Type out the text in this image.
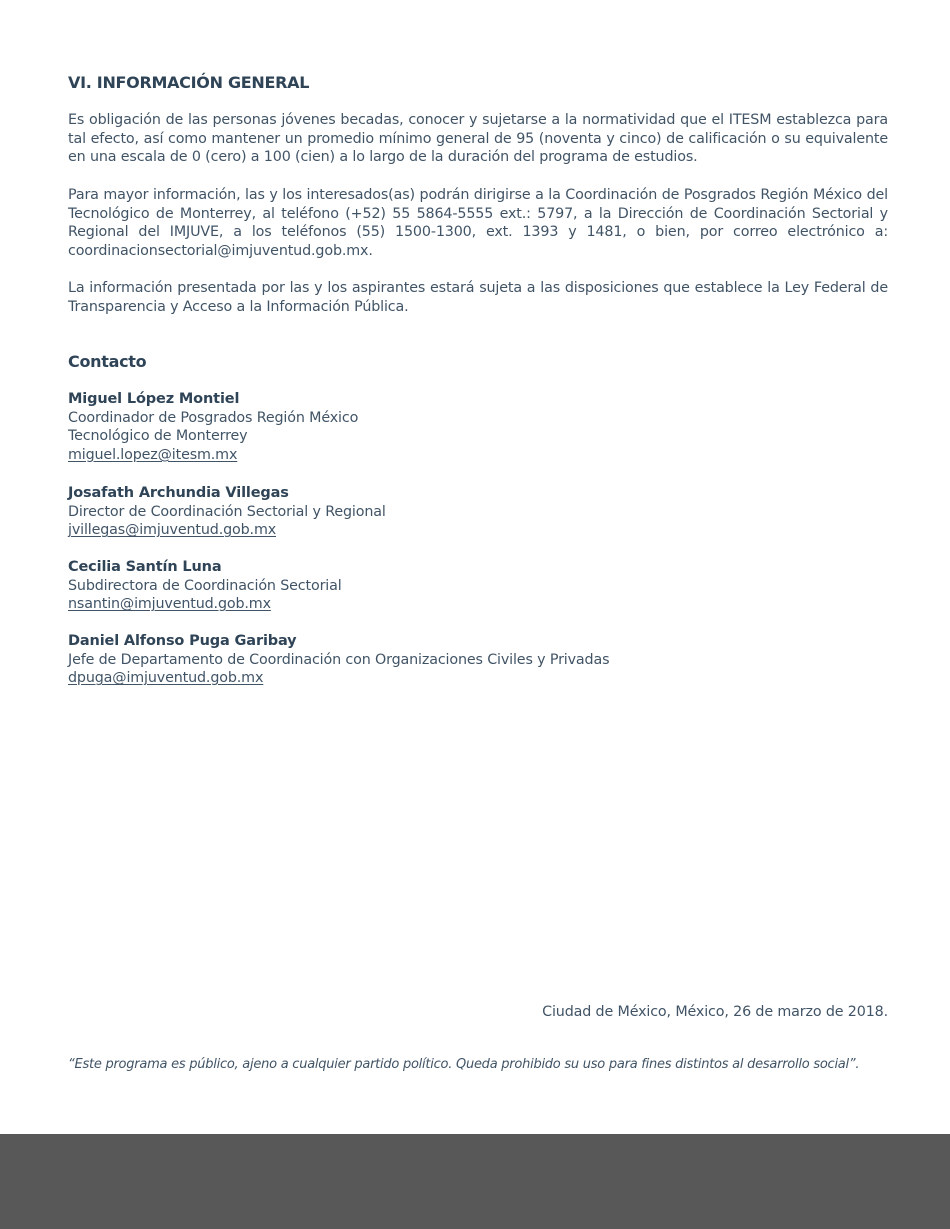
VI. INFORMACIÓN GENERAL

Es obligación de las personas jóvenes becadas, conocer y sujetarse a la normatividad que el ITESM establezca para tal efecto, así como mantener un promedio mínimo general de 95 (noventa y cinco) de calificación o su equivalente en una escala de 0 (cero) a 100 (cien) a lo largo de la duración del programa de estudios.

Para mayor información, las y los interesados(as) podrán dirigirse a la Coordinación de Posgrados Región México del Tecnológico de Monterrey, al teléfono (+52) 55 5864-5555 ext.: 5797, a la Dirección de Coordinación Sectorial y Regional del IMJUVE, a los teléfonos (55) 1500-1300, ext. 1393 y 1481, o bien, por correo electrónico a: coordinacionsectorial@imjuventud.gob.mx.

La información presentada por las y los aspirantes estará sujeta a las disposiciones que establece la Ley Federal de Transparencia y Acceso a la Información Pública.

Contacto
Miguel López Montiel
Coordinador de Posgrados Región México
Tecnológico de Monterrey
miguel.lopez@itesm.mx
Josafath Archundia Villegas
Director de Coordinación Sectorial y Regional
jvillegas@imjuventud.gob.mx
Cecilia Santín Luna
Subdirectora de Coordinación Sectorial
nsantin@imjuventud.gob.mx
Daniel Alfonso Puga Garibay
Jefe de Departamento de Coordinación con Organizaciones Civiles y Privadas
dpuga@imjuventud.gob.mx

Ciudad de México, México, 26 de marzo de 2018.

“Este programa es público, ajeno a cualquier partido político. Queda prohibido su uso para fines distintos al desarrollo social”.
